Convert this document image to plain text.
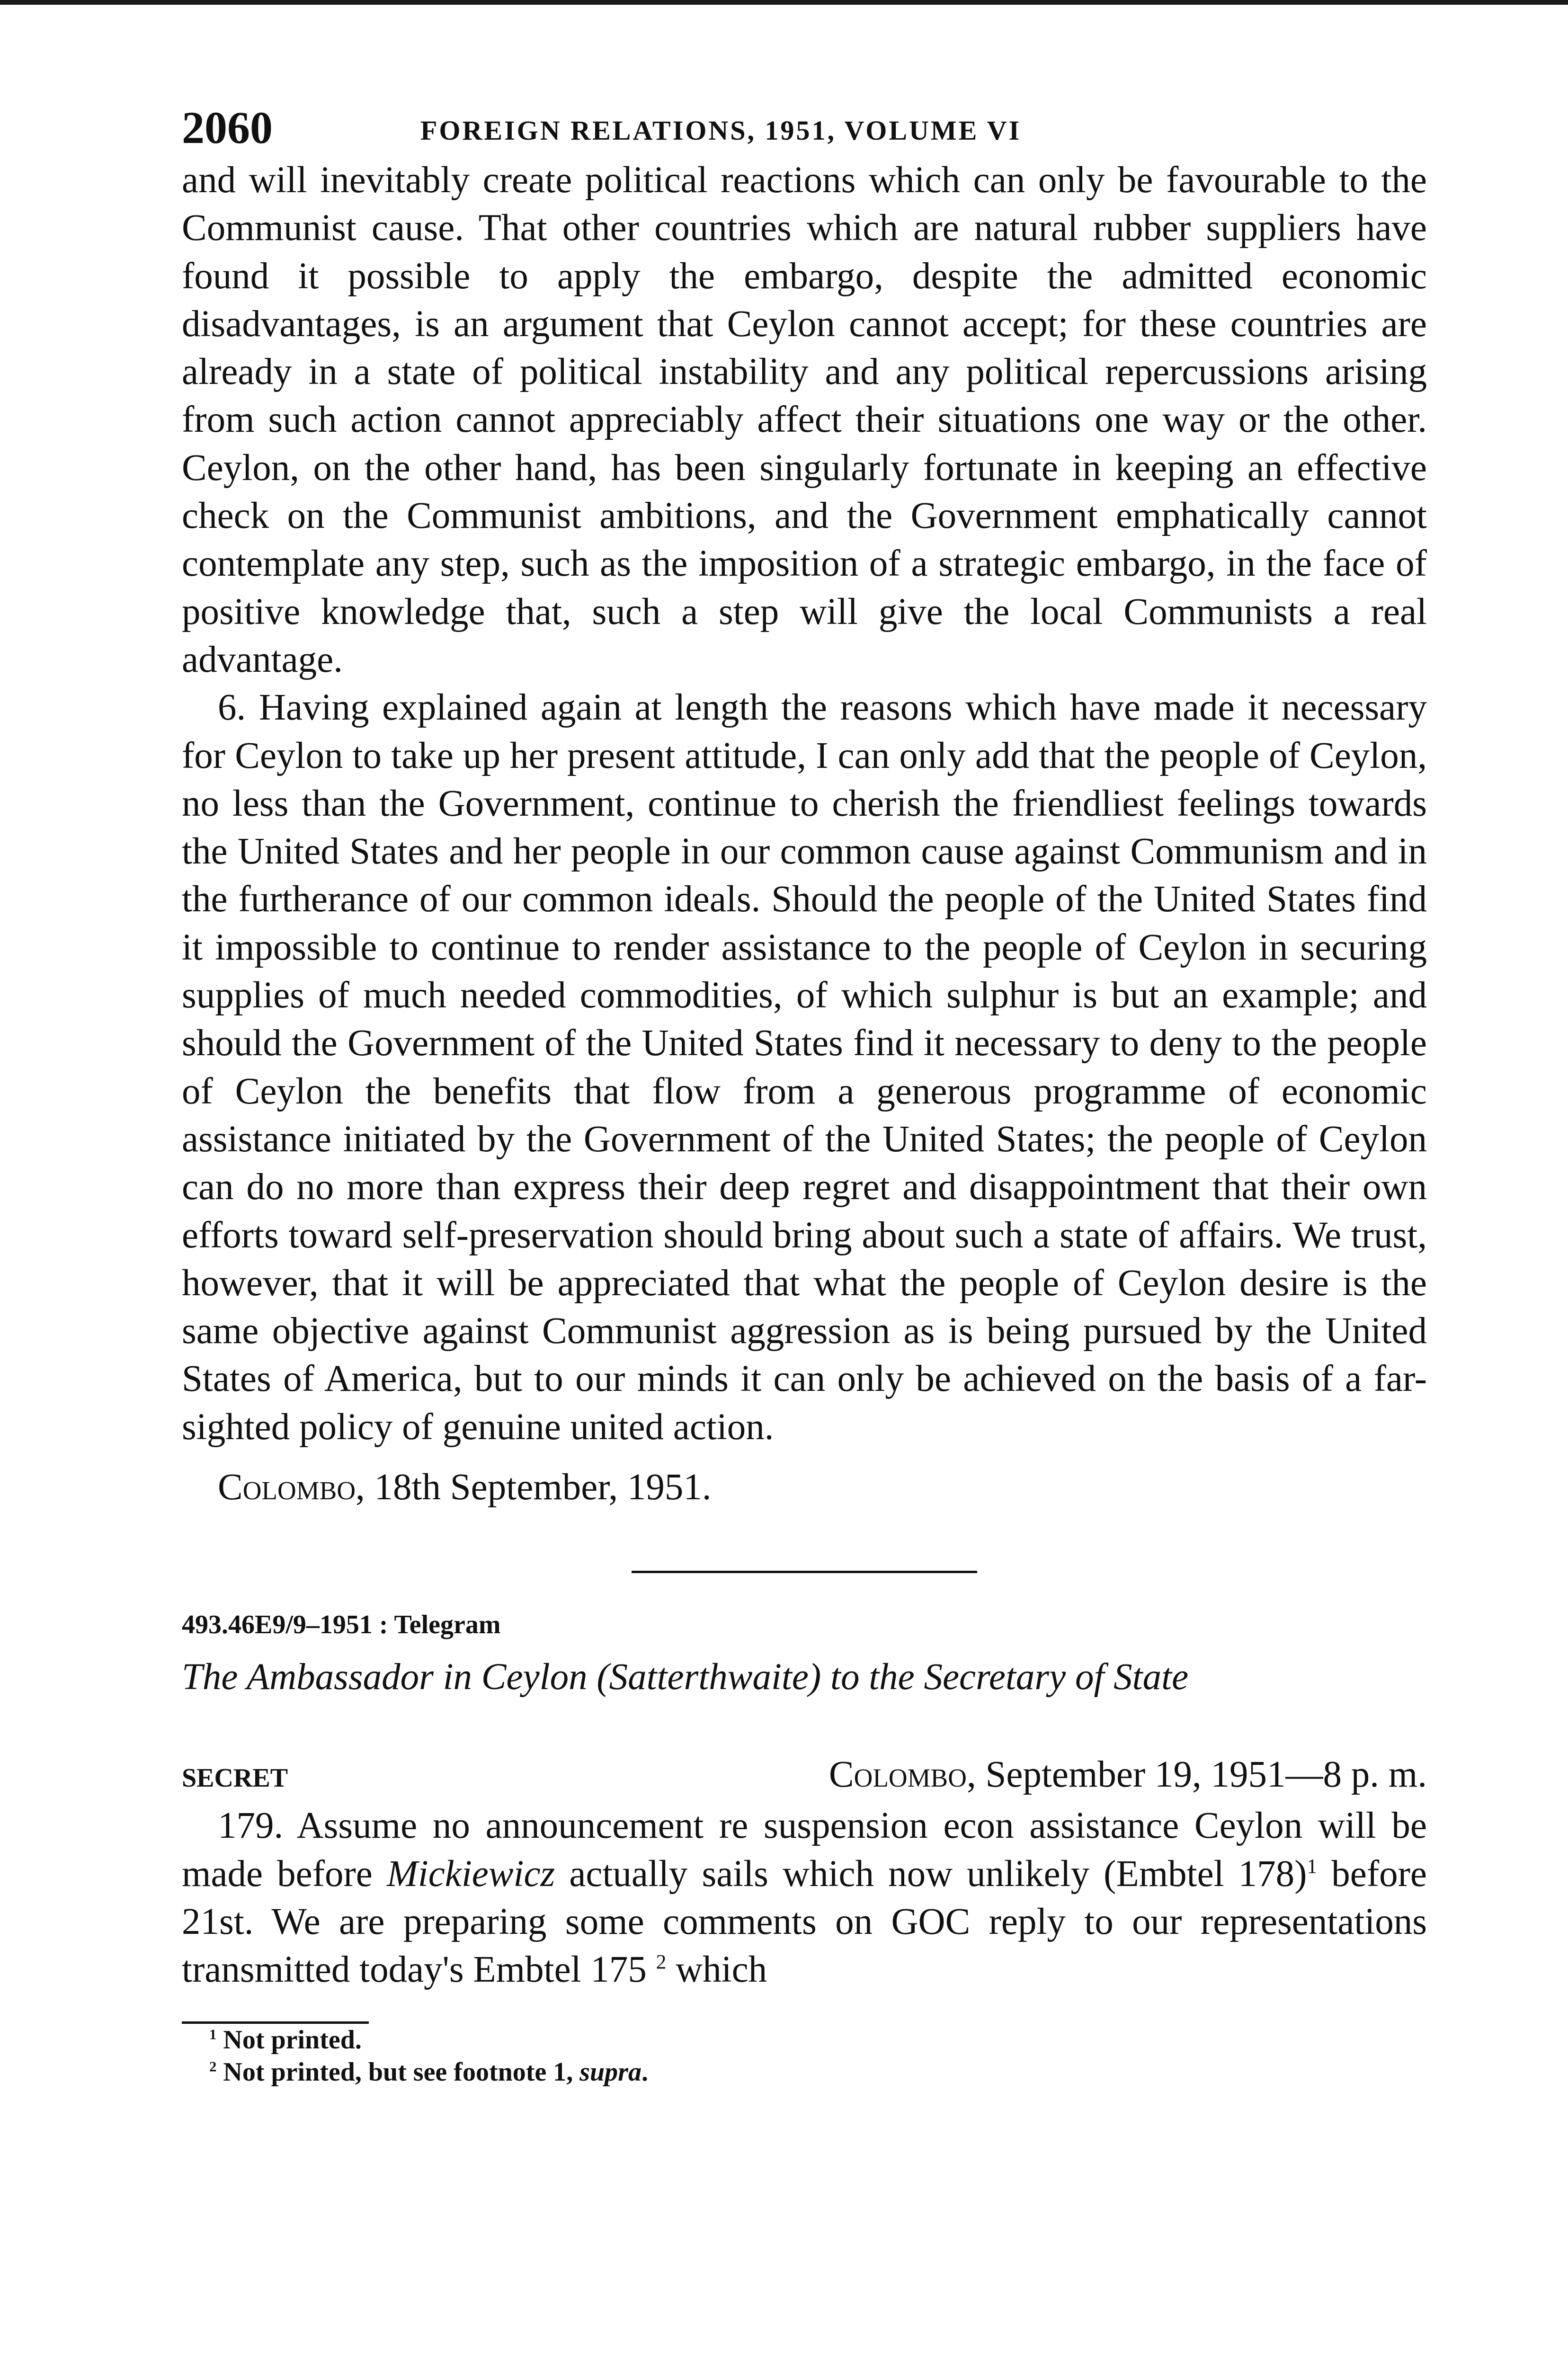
2060	FOREIGN RELATIONS, 1951, VOLUME VI

and will inevitably create political reactions which can only be favourable to the Communist cause. That other countries which are natural rubber suppliers have found it possible to apply the embargo, despite the admitted economic disadvantages, is an argument that Ceylon cannot accept; for these countries are already in a state of political instability and any political repercussions arising from such action cannot appreciably affect their situations one way or the other. Ceylon, on the other hand, has been singularly fortunate in keeping an effective check on the Communist ambitions, and the Government emphatically cannot contemplate any step, such as the imposition of a strategic embargo, in the face of positive knowledge that, such a step will give the local Communists a real advantage.

6. Having explained again at length the reasons which have made it necessary for Ceylon to take up her present attitude, I can only add that the people of Ceylon, no less than the Government, continue to cherish the friendliest feelings towards the United States and her people in our common cause against Communism and in the furtherance of our common ideals. Should the people of the United States find it impossible to continue to render assistance to the people of Ceylon in securing supplies of much needed commodities, of which sulphur is but an example; and should the Government of the United States find it necessary to deny to the people of Ceylon the benefits that flow from a generous programme of economic assistance initiated by the Government of the United States; the people of Ceylon can do no more than express their deep regret and disappointment that their own efforts toward self-preservation should bring about such a state of affairs. We trust, however, that it will be appreciated that what the people of Ceylon desire is the same objective against Communist aggression as is being pursued by the United States of America, but to our minds it can only be achieved on the basis of a far-sighted policy of genuine united action.

Colombo, 18th September, 1951.

493.46E9/9–1951 : Telegram
The Ambassador in Ceylon (Satterthwaite) to the Secretary of State
SECRET	Colombo, September 19, 1951—8 p. m.

179. Assume no announcement re suspension econ assistance Ceylon will be made before Mickiewicz actually sails which now unlikely (Embtel 178)$^1$ before 21st. We are preparing some comments on GOC reply to our representations transmitted today's Embtel 175 $^2$ which

$^1$ Not printed.
$^2$ Not printed, but see footnote 1, supra.
